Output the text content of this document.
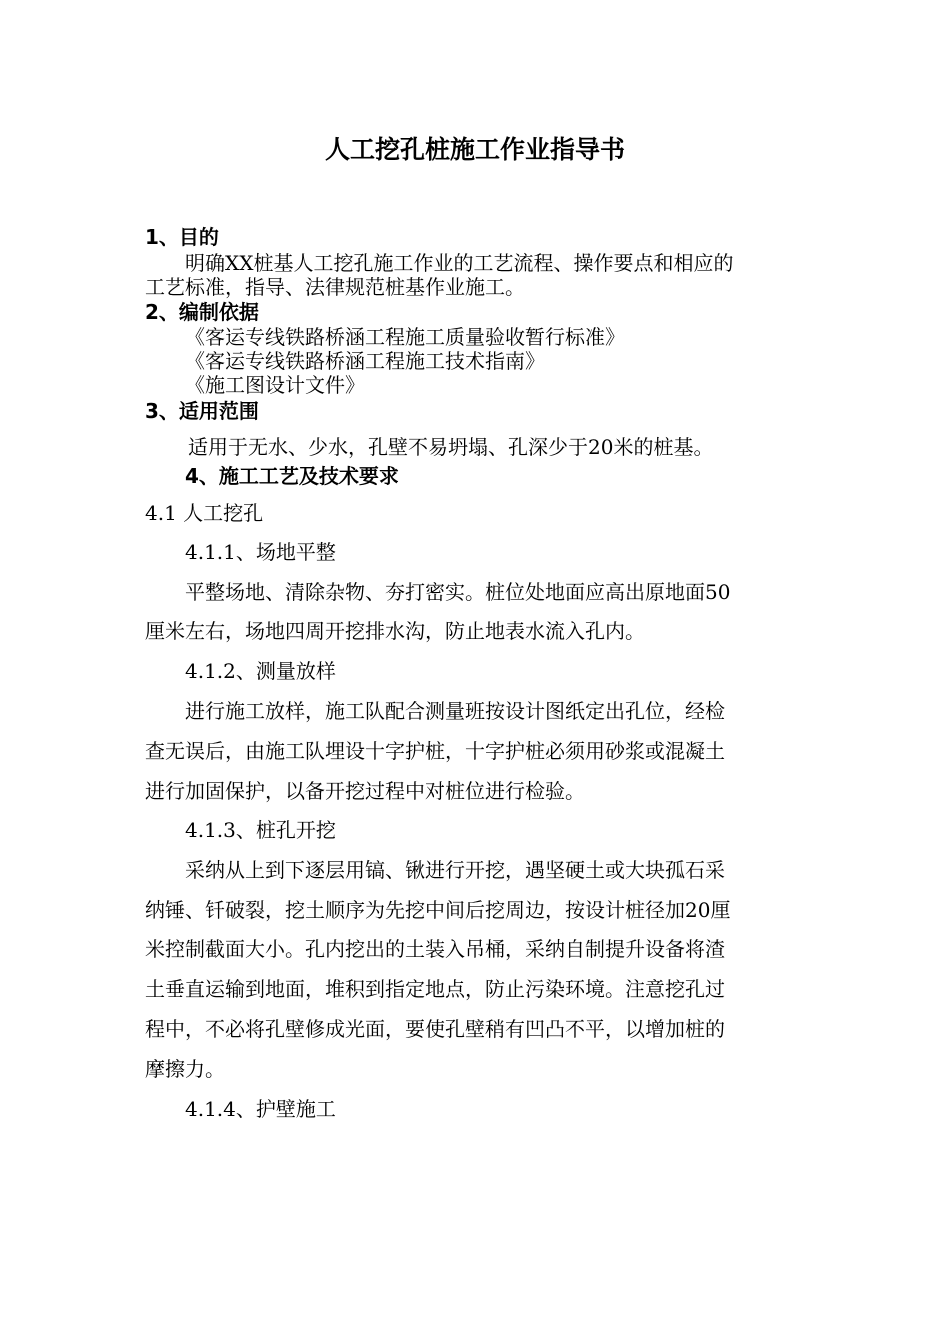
人工挖孔桩施工作业指导书
1、目的
明确XX桩基人工挖孔施工作业的工艺流程、操作要点和相应的
工艺标准，指导、法律规范桩基作业施工。
2、编制依据
《客运专线铁路桥涵工程施工质量验收暂行标准》
《客运专线铁路桥涵工程施工技术指南》
《施工图设计文件》
3、适用范围
适用于无水、少水，孔壁不易坍塌、孔深少于20米的桩基。
4、施工工艺及技术要求
4.1 人工挖孔
4.1.1、场地平整
平整场地、清除杂物、夯打密实。桩位处地面应高出原地面50
厘米左右，场地四周开挖排水沟，防止地表水流入孔内。
4.1.2、测量放样
进行施工放样，施工队配合测量班按设计图纸定出孔位，经检
查无误后，由施工队埋设十字护桩，十字护桩必须用砂浆或混凝土
进行加固保护，以备开挖过程中对桩位进行检验。
4.1.3、桩孔开挖
采纳从上到下逐层用镐、锹进行开挖，遇坚硬土或大块孤石采
纳锤、钎破裂，挖土顺序为先挖中间后挖周边，按设计桩径加20厘
米控制截面大小。孔内挖出的土装入吊桶，采纳自制提升设备将渣
土垂直运输到地面，堆积到指定地点，防止污染环境。注意挖孔过
程中，不必将孔壁修成光面，要使孔壁稍有凹凸不平，以增加桩的
摩擦力。
4.1.4、护壁施工
